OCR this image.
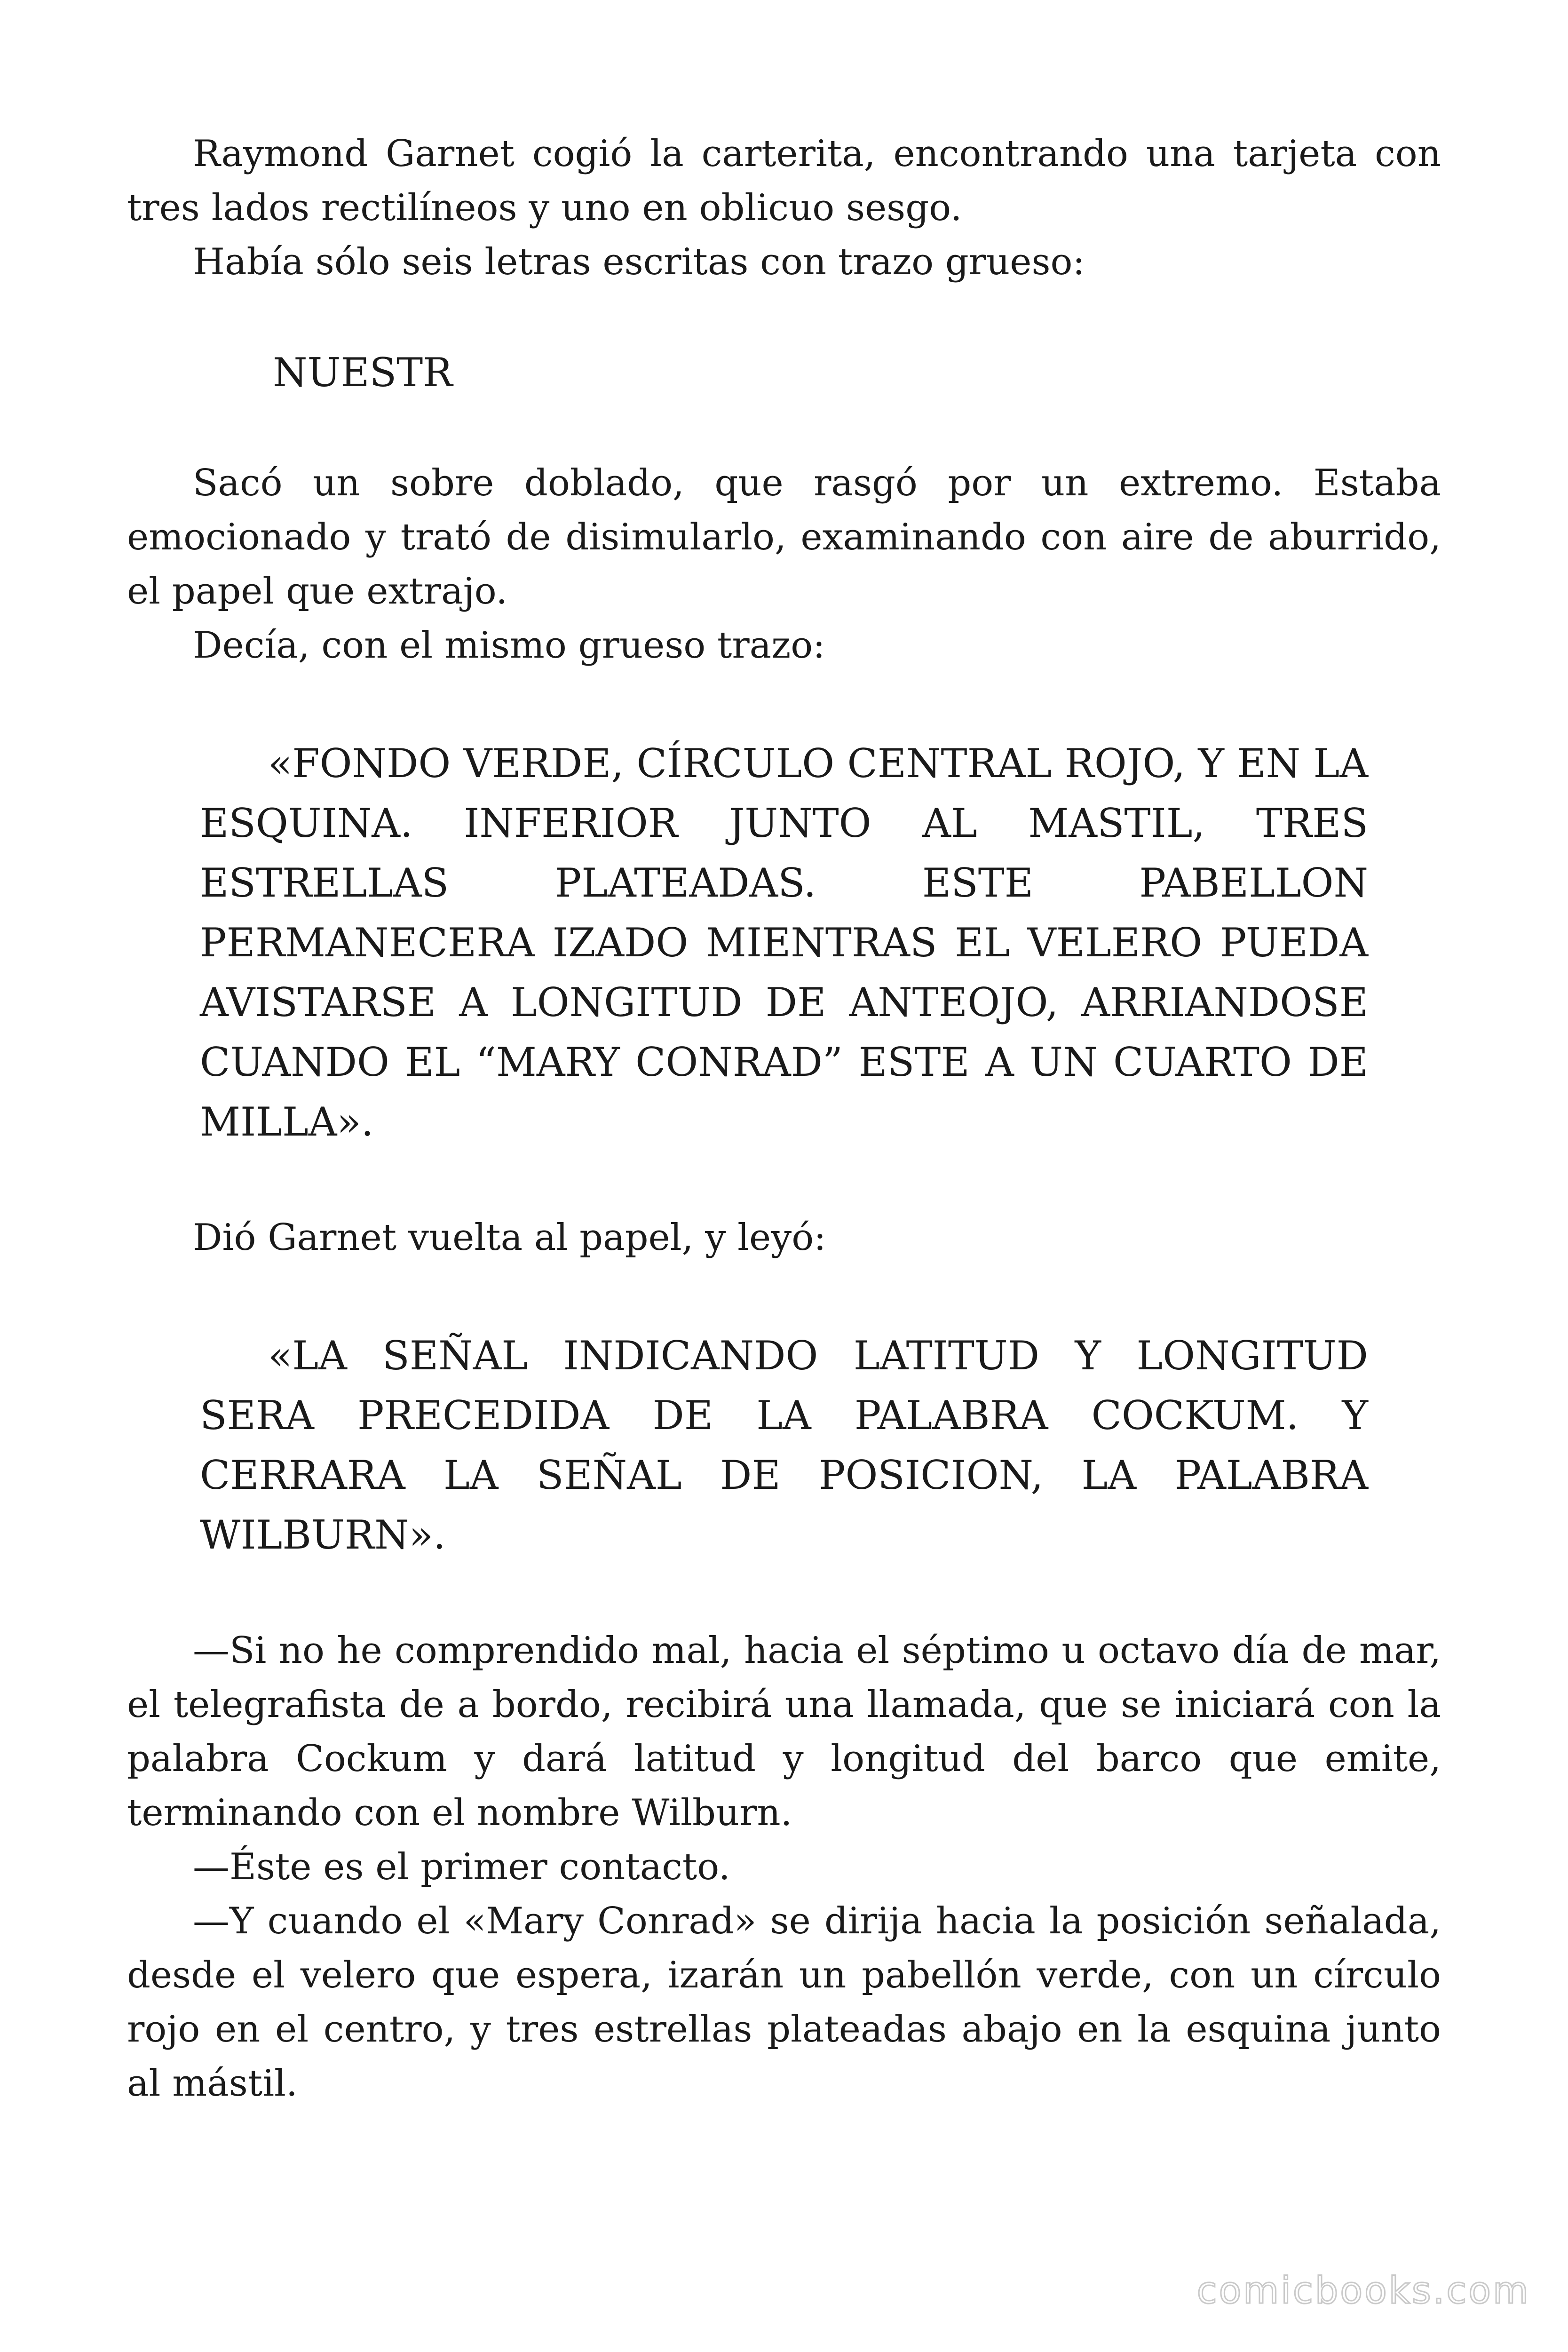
Raymond Garnet cogió la carterita, encontrando una tarjeta con tres lados rectilíneos y uno en oblicuo sesgo.

Había sólo seis letras escritas con trazo grueso:

NUESTR

Sacó un sobre doblado, que rasgó por un extremo. Estaba emocionado y trató de disimularlo, examinando con aire de aburrido, el papel que extrajo.

Decía, con el mismo grueso trazo:

«FONDO VERDE, CÍRCULO CENTRAL ROJO, Y EN LA ESQUINA. INFERIOR JUNTO AL MASTIL, TRES ESTRELLAS PLATEADAS. ESTE PABELLON PERMANECERA IZADO MIENTRAS EL VELERO PUEDA AVISTARSE A LONGITUD DE ANTEOJO, ARRIANDOSE CUANDO EL “MARY CONRAD” ESTE A UN CUARTO DE MILLA».

Dió Garnet vuelta al papel, y leyó:

«LA SEÑAL INDICANDO LATITUD Y LONGITUD SERA PRECEDIDA DE LA PALABRA COCKUM. Y CERRARA LA SEÑAL DE POSICION, LA PALABRA WILBURN».

—Si no he comprendido mal, hacia el séptimo u octavo día de mar, el telegrafista de a bordo, recibirá una llamada, que se iniciará con la palabra Cockum y dará latitud y longitud del barco que emite, terminando con el nombre Wilburn.

—Éste es el primer contacto.

—Y cuando el «Mary Conrad» se dirija hacia la posición señalada, desde el velero que espera, izarán un pabellón verde, con un círculo rojo en el centro, y tres estrellas plateadas abajo en la esquina junto al mástil.

comicbooks.com
